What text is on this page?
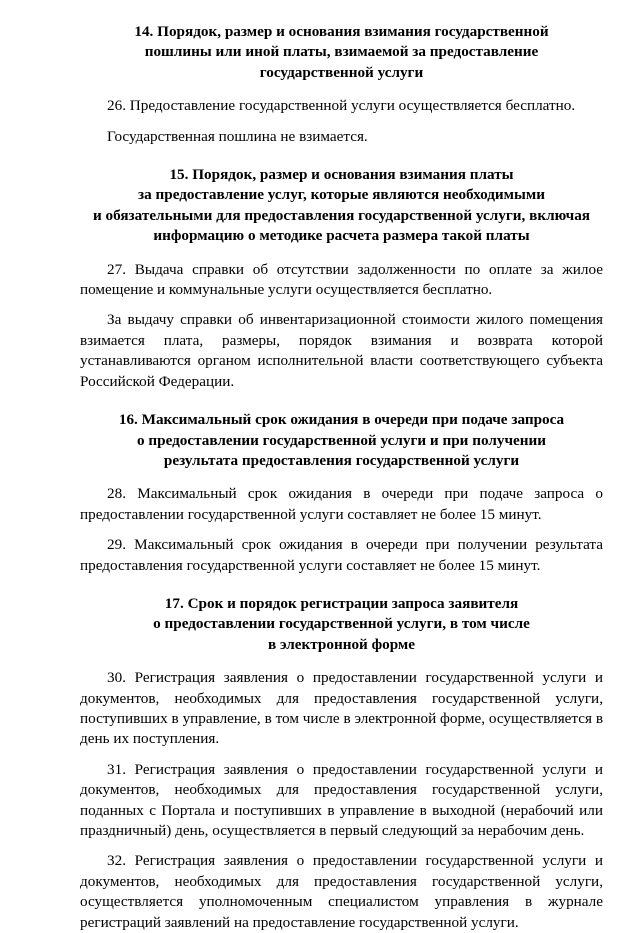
14. Порядок, размер и основания взимания государственной
пошлины или иной платы, взимаемой за предоставление
государственной услуги

26. Предоставление государственной услуги осуществляется бесплатно.

Государственная пошлина не взимается.

15. Порядок, размер и основания взимания платы
за предоставление услуг, которые являются необходимыми
и обязательными для предоставления государственной услуги, включая
информацию о методике расчета размера такой платы

27. Выдача справки об отсутствии задолженности по оплате за жилое помещение и коммунальные услуги осуществляется бесплатно.

За выдачу справки об инвентаризационной стоимости жилого помещения взимается плата, размеры, порядок взимания и возврата которой устанавливаются органом исполнительной власти соответствующего субъекта Российской Федерации.

16. Максимальный срок ожидания в очереди при подаче запроса
о предоставлении государственной услуги и при получении
результата предоставления государственной услуги

28. Максимальный срок ожидания в очереди при подаче запроса о предоставлении государственной услуги составляет не более 15 минут.

29. Максимальный срок ожидания в очереди при получении результата предоставления государственной услуги составляет не более 15 минут.

17. Срок и порядок регистрации запроса заявителя
о предоставлении государственной услуги, в том числе
в электронной форме

30. Регистрация заявления о предоставлении государственной услуги и документов, необходимых для предоставления государственной услуги, поступивших в управление, в том числе в электронной форме, осуществляется в день их поступления.

31. Регистрация заявления о предоставлении государственной услуги и документов, необходимых для предоставления государственной услуги, поданных с Портала и поступивших в управление в выходной (нерабочий или праздничный) день, осуществляется в первый следующий за нерабочим день.

32. Регистрация заявления о предоставлении государственной услуги и документов, необходимых для предоставления государственной услуги, осуществляется уполномоченным специалистом управления в журнале регистраций заявлений на предоставление государственной услуги.
